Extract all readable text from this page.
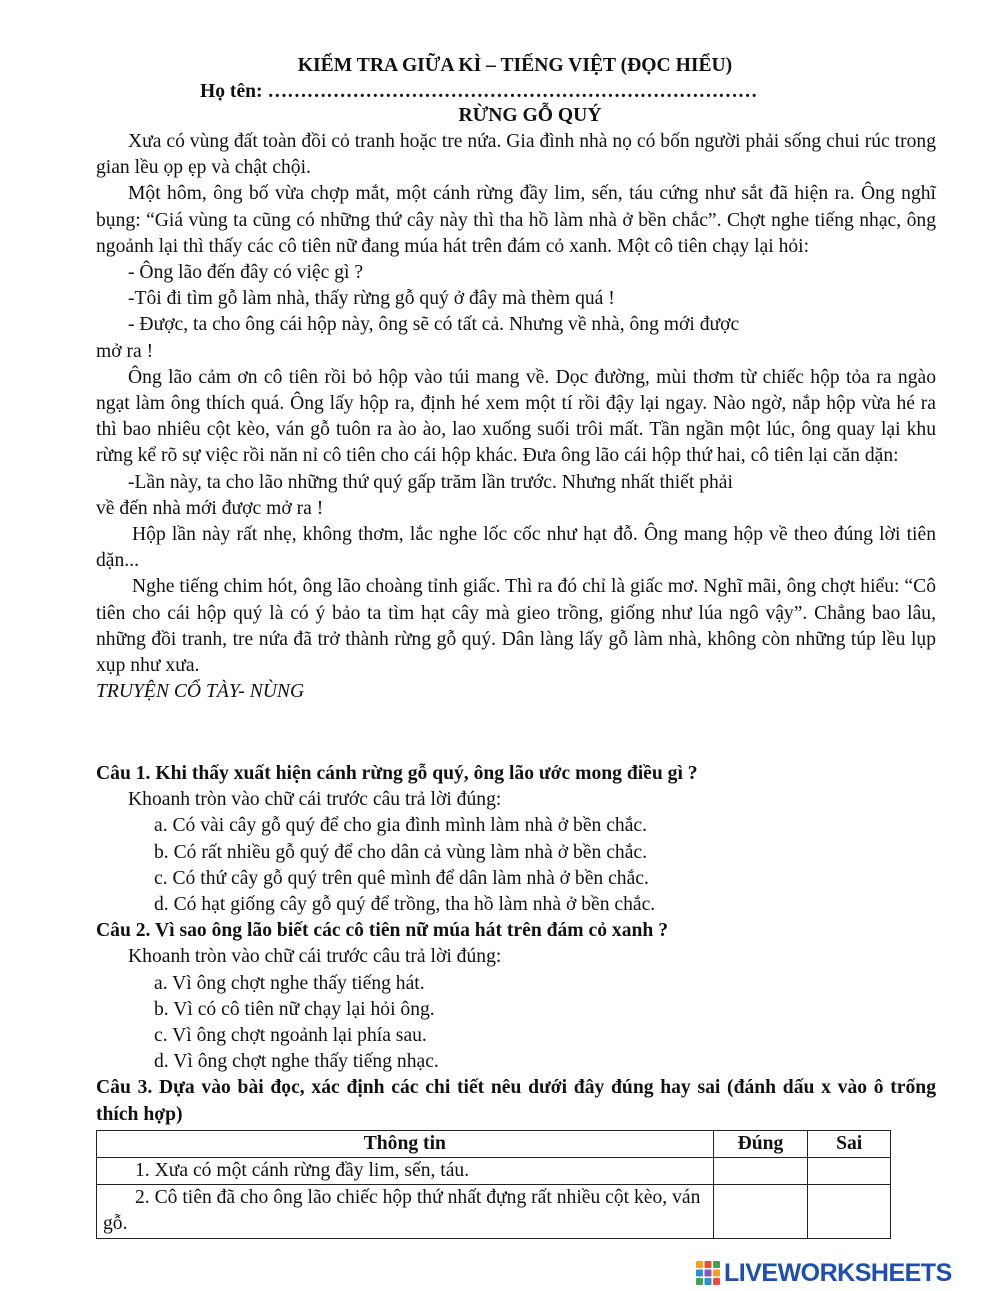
KIỂM TRA GIỮA KÌ – TIẾNG VIỆT (ĐỌC HIỂU)
Họ tên: …………………………………………………………………
RỪNG GỖ QUÝ

Xưa có vùng đất toàn đồi cỏ tranh hoặc tre nứa. Gia đình nhà nọ có bốn người phải sống chui rúc trong gian lều ọp ẹp và chật chội.

Một hôm, ông bố vừa chợp mắt, một cánh rừng đầy lim, sến, táu cứng như sắt đã hiện ra. Ông nghĩ bụng: “Giá vùng ta cũng có những thứ cây này thì tha hồ làm nhà ở bền chắc”. Chợt nghe tiếng nhạc, ông ngoảnh lại thì thấy các cô tiên nữ đang múa hát trên đám cỏ xanh. Một cô tiên chạy lại hỏi:

- Ông lão đến đây có việc gì ?

-Tôi đi tìm gỗ làm nhà, thấy rừng gỗ quý ở đây mà thèm quá !

- Được, ta cho ông cái hộp này, ông sẽ có tất cả. Nhưng về nhà, ông mới được

mở ra !

Ông lão cảm ơn cô tiên rồi bỏ hộp vào túi mang về. Dọc đường, mùi thơm từ chiếc hộp tỏa ra ngào ngạt làm ông thích quá. Ông lấy hộp ra, định hé xem một tí rồi đậy lại ngay. Nào ngờ, nắp hộp vừa hé ra thì bao nhiêu cột kèo, ván gỗ tuôn ra ào ào, lao xuống suối trôi mất. Tần ngần một lúc, ông quay lại khu rừng kể rõ sự việc rồi năn nỉ cô tiên cho cái hộp khác. Đưa ông lão cái hộp thứ hai, cô tiên lại căn dặn:

-Lần này, ta cho lão những thứ quý gấp trăm lần trước. Nhưng nhất thiết phải

về đến nhà mới được mở ra !

Hộp lần này rất nhẹ, không thơm, lắc nghe lốc cốc như hạt đỗ. Ông mang hộp về theo đúng lời tiên dặn...

Nghe tiếng chim hót, ông lão choàng tỉnh giấc. Thì ra đó chỉ là giấc mơ. Nghĩ mãi, ông chợt hiểu: “Cô tiên cho cái hộp quý là có ý bảo ta tìm hạt cây mà gieo trồng, giống như lúa ngô vậy”. Chẳng bao lâu, những đồi tranh, tre nứa đã trở thành rừng gỗ quý. Dân làng lấy gỗ làm nhà, không còn những túp lều lụp xụp như xưa.

TRUYỆN CỔ TÀY- NÙNG

Câu 1. Khi thấy xuất hiện cánh rừng gỗ quý, ông lão ước mong điều gì ?

Khoanh tròn vào chữ cái trước câu trả lời đúng:

a. Có vài cây gỗ quý để cho gia đình mình làm nhà ở bền chắc.
b. Có rất nhiều gỗ quý để cho dân cả vùng làm nhà ở bền chắc.
c. Có thứ cây gỗ quý trên quê mình để dân làm nhà ở bền chắc.
d. Có hạt giống cây gỗ quý để trồng, tha hồ làm nhà ở bền chắc.

Câu 2. Vì sao ông lão biết các cô tiên nữ múa hát trên đám cỏ xanh ?

Khoanh tròn vào chữ cái trước câu trả lời đúng:

a. Vì ông chợt nghe thấy tiếng hát.
b. Vì có cô tiên nữ chạy lại hỏi ông.
c. Vì ông chợt ngoảnh lại phía sau.
d. Vì ông chợt nghe thấy tiếng nhạc.

Câu 3. Dựa vào bài đọc, xác định các chi tiết nêu dưới đây đúng hay sai (đánh dấu x vào ô trống thích hợp)

Thông tin	Đúng	Sai
1. Xưa có một cánh rừng đầy lim, sến, táu.		
2. Cô tiên đã cho ông lão chiếc hộp thứ nhất đựng rất nhiều cột kèo, ván gỗ.		
LIVEWORKSHEETS
